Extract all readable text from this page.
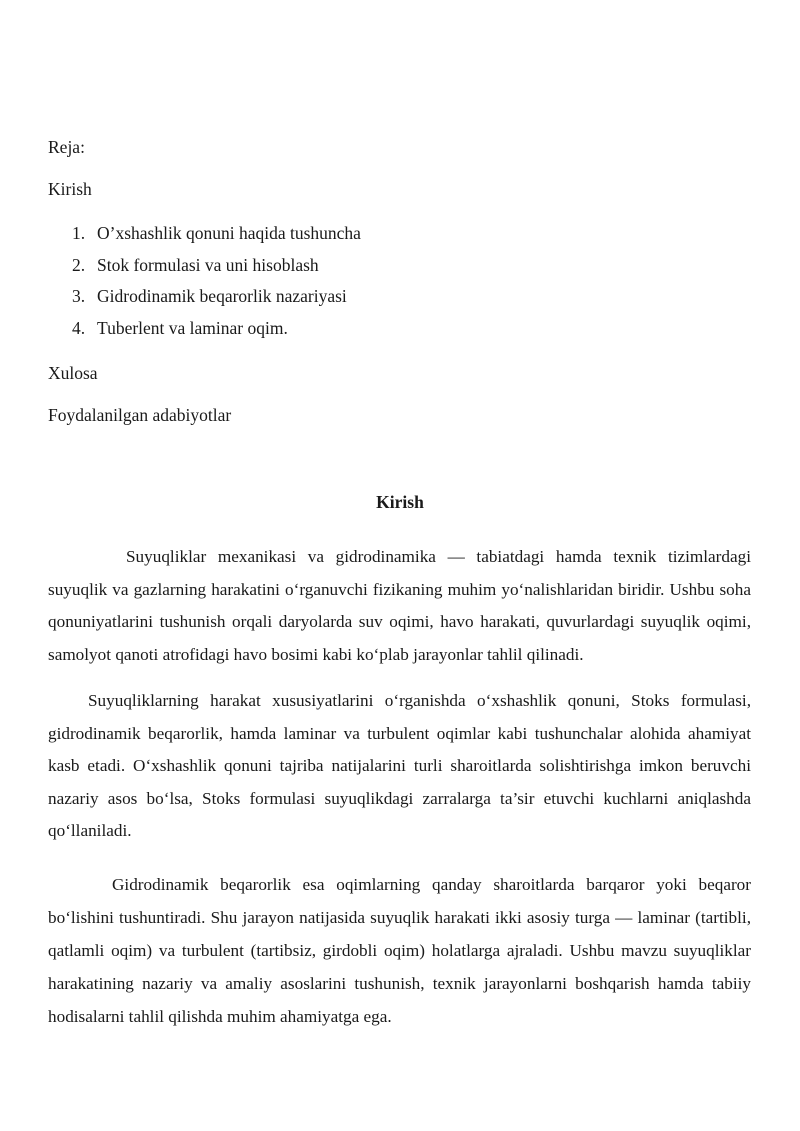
Reja:

Kirish

1. O’xshashlik qonuni haqida tushuncha
2. Stok formulasi va uni hisoblash
3. Gidrodinamik beqarorlik nazariyasi
4. Tuberlent va laminar oqim.

Xulosa

Foydalanilgan adabiyotlar

Kirish

Suyuqliklar mexanikasi va gidrodinamika — tabiatdagi hamda texnik tizimlardagi suyuqlik va gazlarning harakatini o‘rganuvchi fizikaning muhim yo‘nalishlaridan biridir. Ushbu soha qonuniyatlarini tushunish orqali daryolarda suv oqimi, havo harakati, quvurlardagi suyuqlik oqimi, samolyot qanoti atrofidagi havo bosimi kabi ko‘plab jarayonlar tahlil qilinadi.

Suyuqliklarning harakat xususiyatlarini o‘rganishda o‘xshashlik qonuni, Stoks formulasi, gidrodinamik beqarorlik, hamda laminar va turbulent oqimlar kabi tushunchalar alohida ahamiyat kasb etadi. O‘xshashlik qonuni tajriba natijalarini turli sharoitlarda solishtirishga imkon beruvchi nazariy asos bo‘lsa, Stoks formulasi suyuqlikdagi zarralarga ta’sir etuvchi kuchlarni aniqlashda qo‘llaniladi.

Gidrodinamik beqarorlik esa oqimlarning qanday sharoitlarda barqaror yoki beqaror bo‘lishini tushuntiradi. Shu jarayon natijasida suyuqlik harakati ikki asosiy turga — laminar (tartibli, qatlamli oqim) va turbulent (tartibsiz, girdobli oqim) holatlarga ajraladi. Ushbu mavzu suyuqliklar harakatining nazariy va amaliy asoslarini tushunish, texnik jarayonlarni boshqarish hamda tabiiy hodisalarni tahlil qilishda muhim ahamiyatga ega.
